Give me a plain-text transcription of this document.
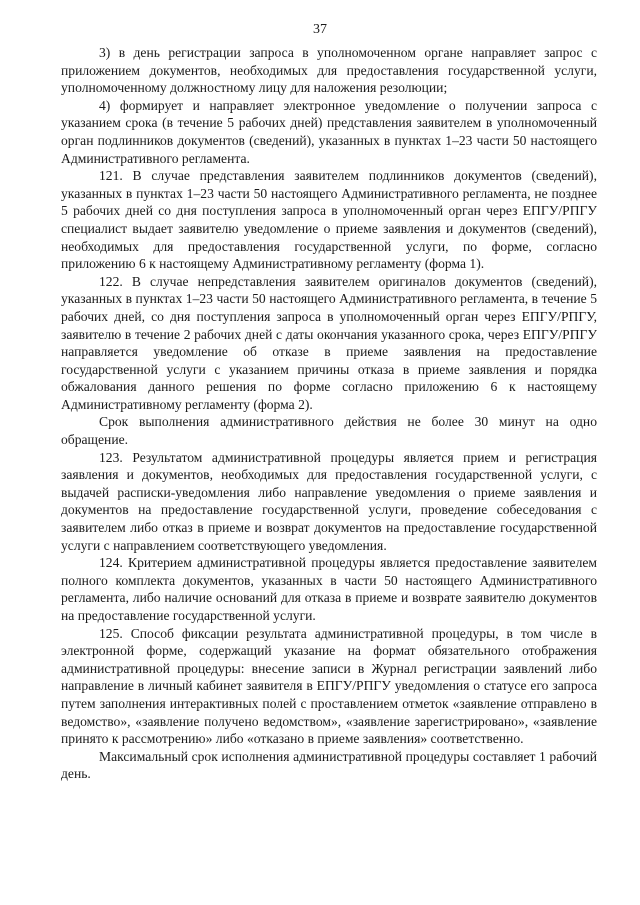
37

3) в день регистрации запроса в уполномоченном органе направляет запрос с приложением документов, необходимых для предоставления государственной услуги, уполномоченному должностному лицу для наложения резолюции;

4) формирует и направляет электронное уведомление о получении запроса с указанием срока (в течение 5 рабочих дней) представления заявителем в уполномоченный орган подлинников документов (сведений), указанных в пунктах 1–23 части 50 настоящего Административного регламента.

121. В случае представления заявителем подлинников документов (сведений), указанных в пунктах 1–23 части 50 настоящего Административного регламента, не позднее 5 рабочих дней со дня поступления запроса в уполномоченный орган через ЕПГУ/РПГУ специалист выдает заявителю уведомление о приеме заявления и документов (сведений), необходимых для предоставления государственной услуги, по форме, согласно приложению 6 к настоящему Административному регламенту (форма 1).

122. В случае непредставления заявителем оригиналов документов (сведений), указанных в пунктах 1–23 части 50 настоящего Административного регламента, в течение 5 рабочих дней, со дня поступления запроса в уполномоченный орган через ЕПГУ/РПГУ, заявителю в течение 2 рабочих дней с даты окончания указанного срока, через ЕПГУ/РПГУ направляется уведомление об отказе в приеме заявления на предоставление государственной услуги с указанием причины отказа в приеме заявления и порядка обжалования данного решения по форме согласно приложению 6 к настоящему Административному регламенту (форма 2).

Срок выполнения административного действия не более 30 минут на одно обращение.

123. Результатом административной процедуры является прием и регистрация заявления и документов, необходимых для предоставления государственной услуги, с выдачей расписки-уведомления либо направление уведомления о приеме заявления и документов на предоставление государственной услуги, проведение собеседования с заявителем либо отказ в приеме и возврат документов на предоставление государственной услуги с направлением соответствующего уведомления.

124. Критерием административной процедуры является предоставление заявителем полного комплекта документов, указанных в части 50 настоящего Административного регламента, либо наличие оснований для отказа в приеме и возврате заявителю документов на предоставление государственной услуги.

125. Способ фиксации результата административной процедуры, в том числе в электронной форме, содержащий указание на формат обязательного отображения административной процедуры: внесение записи в Журнал регистрации заявлений либо направление в личный кабинет заявителя в ЕПГУ/РПГУ уведомления о статусе его запроса путем заполнения интерактивных полей с проставлением отметок «заявление отправлено в ведомство», «заявление получено ведомством», «заявление зарегистрировано», «заявление принято к рассмотрению» либо «отказано в приеме заявления» соответственно.

Максимальный срок исполнения административной процедуры составляет 1 рабочий день.
